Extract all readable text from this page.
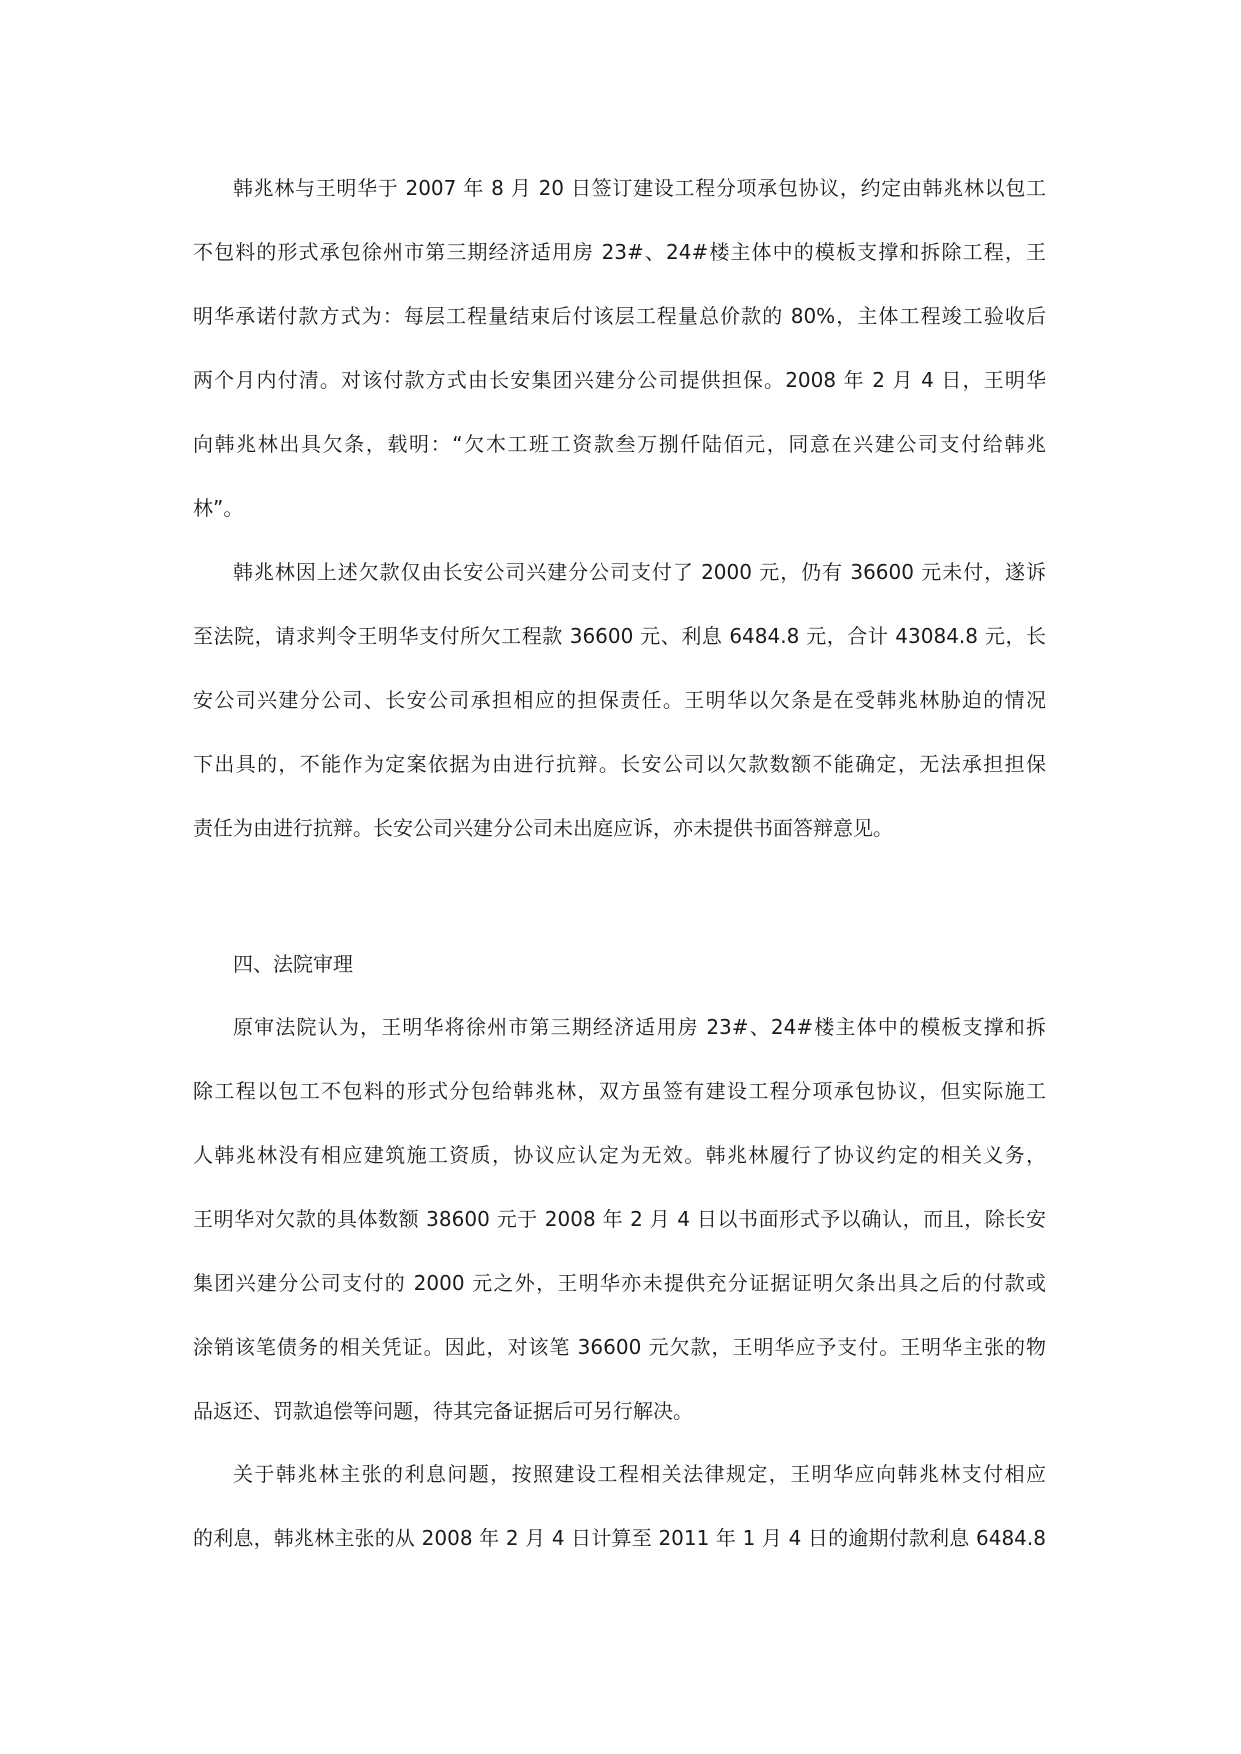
韩兆林与王明华于 2007 年 8 月 20 日签订建设工程分项承包协议，约定由韩兆林以包工
不包料的形式承包徐州市第三期经济适用房 23#、24#楼主体中的模板支撑和拆除工程，王
明华承诺付款方式为：每层工程量结束后付该层工程量总价款的 80%，主体工程竣工验收后
两个月内付清。对该付款方式由长安集团兴建分公司提供担保。2008 年 2 月 4 日，王明华
向韩兆林出具欠条，载明：“欠木工班工资款叁万捌仟陆佰元，同意在兴建公司支付给韩兆
林”。
韩兆林因上述欠款仅由长安公司兴建分公司支付了 2000 元，仍有 36600 元未付，遂诉
至法院，请求判令王明华支付所欠工程款 36600 元、利息 6484.8 元，合计 43084.8 元，长
安公司兴建分公司、长安公司承担相应的担保责任。王明华以欠条是在受韩兆林胁迫的情况
下出具的，不能作为定案依据为由进行抗辩。长安公司以欠款数额不能确定，无法承担担保
责任为由进行抗辩。长安公司兴建分公司未出庭应诉，亦未提供书面答辩意见。
四、法院审理
原审法院认为，王明华将徐州市第三期经济适用房 23#、24#楼主体中的模板支撑和拆
除工程以包工不包料的形式分包给韩兆林，双方虽签有建设工程分项承包协议，但实际施工
人韩兆林没有相应建筑施工资质，协议应认定为无效。韩兆林履行了协议约定的相关义务，
王明华对欠款的具体数额 38600 元于 2008 年 2 月 4 日以书面形式予以确认，而且，除长安
集团兴建分公司支付的 2000 元之外，王明华亦未提供充分证据证明欠条出具之后的付款或
涂销该笔债务的相关凭证。因此，对该笔 36600 元欠款，王明华应予支付。王明华主张的物
品返还、罚款追偿等问题，待其完备证据后可另行解决。
关于韩兆林主张的利息问题，按照建设工程相关法律规定，王明华应向韩兆林支付相应
的利息，韩兆林主张的从 2008 年 2 月 4 日计算至 2011 年 1 月 4 日的逾期付款利息 6484.8
